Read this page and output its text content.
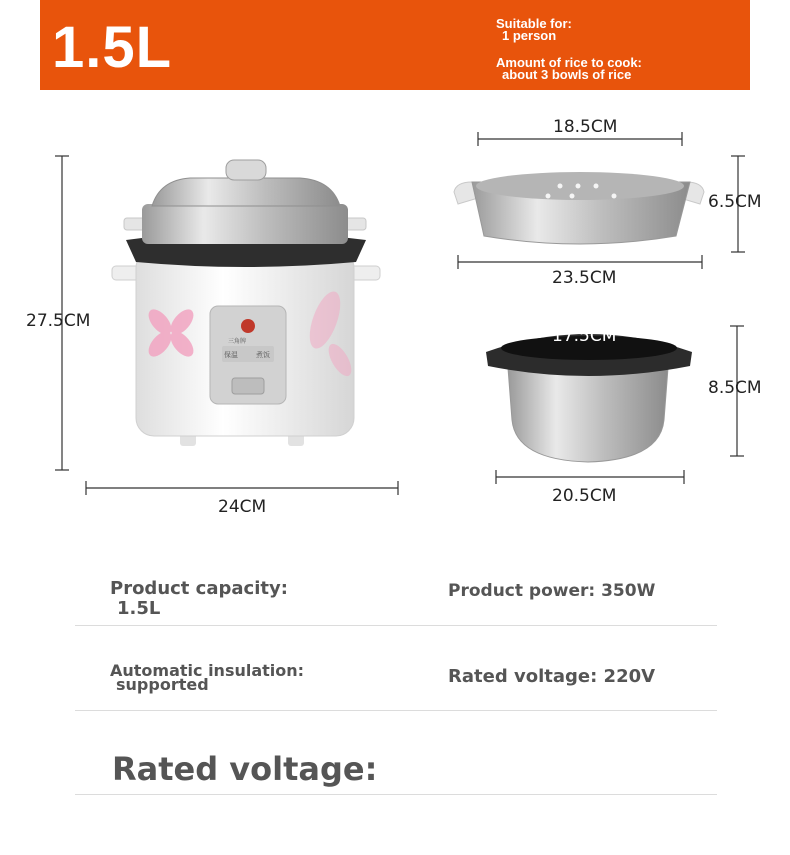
1.5L	Suitable for:
1 person
Amount of rice to cook:
about 3 bowls of rice
三角牌
保温	煮饭
27.5CM
24CM
18.5CM
6.5CM
23.5CM
17.5CM
8.5CM
20.5CM
Product capacity:
1.5L
Product power: 350W
Automatic insulation:
supported	Rated voltage: 220V
Rated voltage:
